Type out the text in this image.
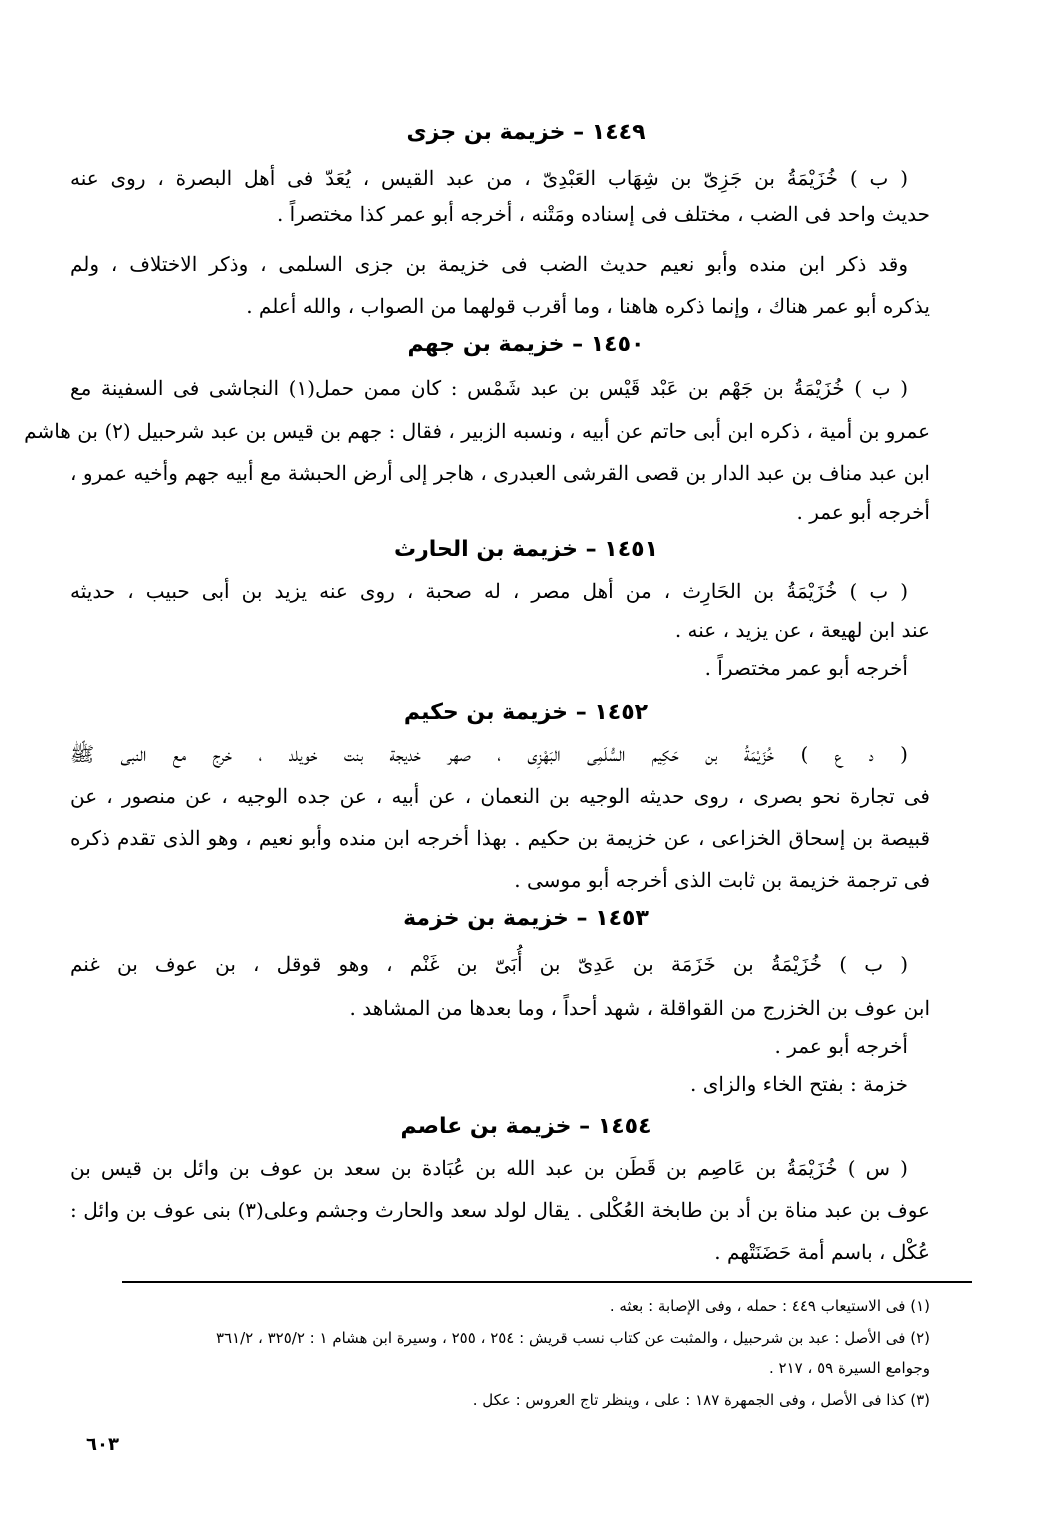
١٤٤٩ – خزيمة بن جزى
( ب ) خُزَيْمَةُ بن جَزِىّ بن شِهَاب العَبْدِىّ ، من عبد القيس ، يُعَدّ فى أهل البصرة ، روى عنه
حديث واحد فى الضب ، مختلف فى إسناده ومَتْنه ، أخرجه أبو عمر كذا مختصراً .
وقد ذكر ابن منده وأبو نعيم حديث الضب فى خزيمة بن جزى السلمى ، وذكر الاختلاف ، ولم
يذكره أبو عمر هناك ، وإنما ذكره هاهنا ، وما أقرب قولهما من الصواب ، والله أعلم .
١٤٥٠ – خزيمة بن جهم
( ب ) خُزَيْمَةُ بن جَهْم بن عَبْد قَيْس بن عبد شَمْس : كان ممن حمل(١) النجاشى فى السفينة مع
عمرو بن أمية ، ذكره ابن أبى حاتم عن أبيه ، ونسبه الزبير ، فقال : جهم بن قيس بن عبد شرحبيل (٢) بن هاشم
ابن عبد مناف بن عبد الدار بن قصى القرشى العبدرى ، هاجر إلى أرض الحبشة مع أبيه جهم وأخيه عمرو ،
أخرجه أبو عمر .
١٤٥١ – خزيمة بن الحارث
( ب ) خُزَيْمَةُ بن الحَارِث ، من أهل مصر ، له صحبة ، روى عنه يزيد بن أبى حبيب ، حديثه
عند ابن لهيعة ، عن يزيد ، عنه .
أخرجه أبو عمر مختصراً .
١٤٥٢ – خزيمة بن حكيم
( د ع ) خُزَيْمَةُ بن حَكِيم السُّلَمِى البَهْزِى ، صهر خديجة بنت خويلد ، خرج مع النبى ﷺ
فى تجارة نحو بصرى ، روى حديثه الوجيه بن النعمان ، عن أبيه ، عن جده الوجيه ، عن منصور ، عن
قبيصة بن إسحاق الخزاعى ، عن خزيمة بن حكيم . بهذا أخرجه ابن منده وأبو نعيم ، وهو الذى تقدم ذكره
فى ترجمة خزيمة بن ثابت الذى أخرجه أبو موسى .
١٤٥٣ – خزيمة بن خزمة
( ب ) خُزَيْمَةُ بن خَزَمَة بن عَدِىّ بن أُبَىّ بن غَنْم ، وهو قوقل ، بن عوف بن غنم
ابن عوف بن الخزرج من القواقلة ، شهد أحداً ، وما بعدها من المشاهد .
أخرجه أبو عمر .
خزمة : بفتح الخاء والزاى .
١٤٥٤ – خزيمة بن عاصم
( س ) خُزَيْمَةُ بن عَاصِم بن قَطَن بن عبد الله بن عُبَادة بن سعد بن عوف بن وائل بن قيس بن
عوف بن عبد مناة بن أد بن طابخة العُكْلى . يقال لولد سعد والحارث وجشم وعلى(٣) بنى عوف بن وائل :
عُكْل ، باسم أمة حَضَنَتْهم .
(١) فى الاستيعاب ٤٤٩ : حمله ، وفى الإصابة : بعثه .
(٢) فى الأصل : عبد بن شرحبيل ، والمثبت عن كتاب نسب قريش : ٢٥٤ ، ٢٥٥ ، وسيرة ابن هشام ١ : ٣٢٥/٢ ، ٣٦١/٢
وجوامع السيرة ٥٩ ، ٢١٧ .
(٣) كذا فى الأصل ، وفى الجمهرة ١٨٧ : على ، وينظر تاج العروس : عكل .
٦٠٣
